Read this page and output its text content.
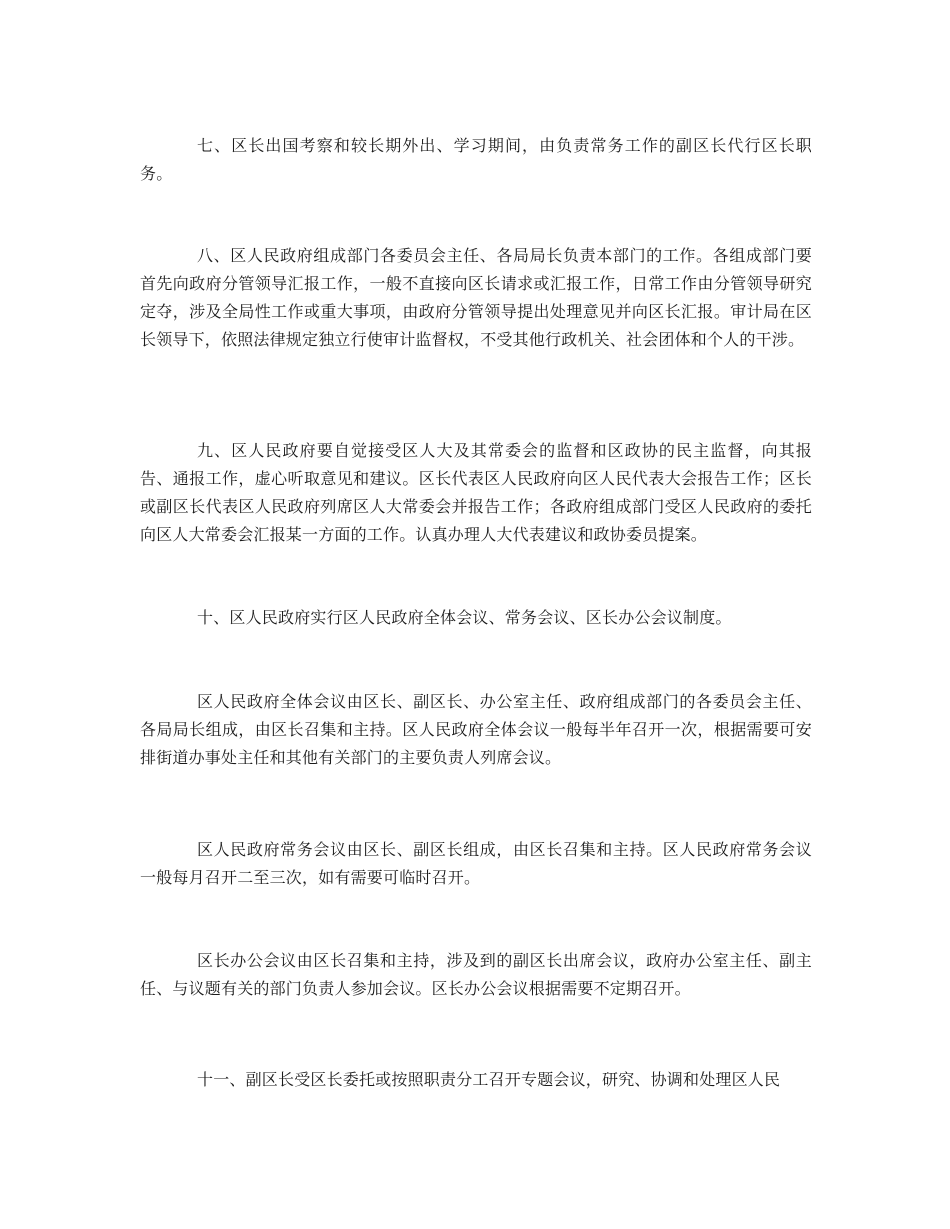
七、区长出国考察和较长期外出、学习期间，由负责常务工作的副区长代行区长职务。

八、区人民政府组成部门各委员会主任、各局局长负责本部门的工作。各组成部门要首先向政府分管领导汇报工作，一般不直接向区长请求或汇报工作，日常工作由分管领导研究定夺，涉及全局性工作或重大事项，由政府分管领导提出处理意见并向区长汇报。审计局在区长领导下，依照法律规定独立行使审计监督权，不受其他行政机关、社会团体和个人的干涉。

九、区人民政府要自觉接受区人大及其常委会的监督和区政协的民主监督，向其报告、通报工作，虚心听取意见和建议。区长代表区人民政府向区人民代表大会报告工作；区长或副区长代表区人民政府列席区人大常委会并报告工作；各政府组成部门受区人民政府的委托向区人大常委会汇报某一方面的工作。认真办理人大代表建议和政协委员提案。

十、区人民政府实行区人民政府全体会议、常务会议、区长办公会议制度。

区人民政府全体会议由区长、副区长、办公室主任、政府组成部门的各委员会主任、各局局长组成，由区长召集和主持。区人民政府全体会议一般每半年召开一次，根据需要可安排街道办事处主任和其他有关部门的主要负责人列席会议。

区人民政府常务会议由区长、副区长组成，由区长召集和主持。区人民政府常务会议一般每月召开二至三次，如有需要可临时召开。

区长办公会议由区长召集和主持，涉及到的副区长出席会议，政府办公室主任、副主任、与议题有关的部门负责人参加会议。区长办公会议根据需要不定期召开。

十一、副区长受区长委托或按照职责分工召开专题会议，研究、协调和处理区人民
